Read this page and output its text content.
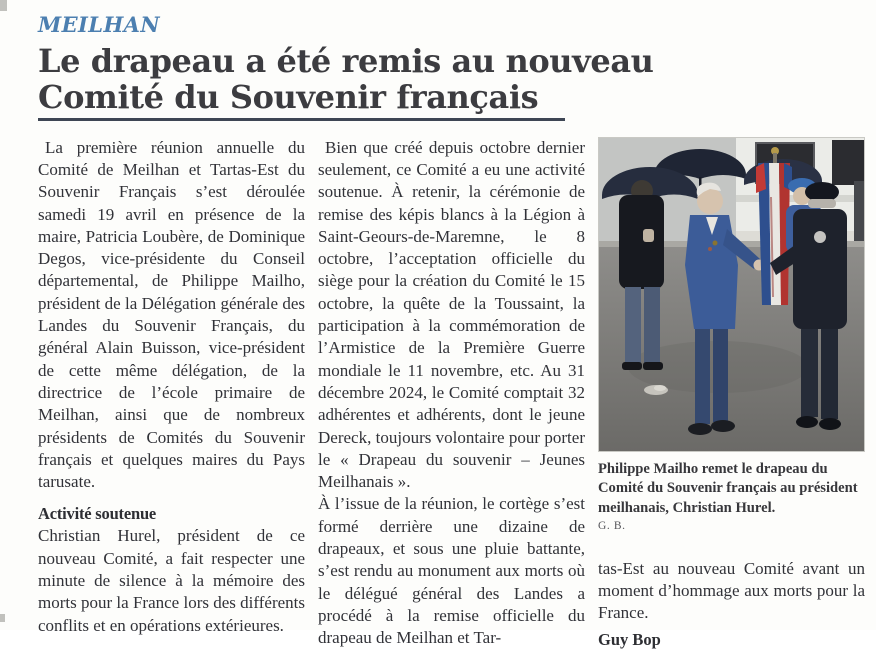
MEILHAN
Le drapeau a été remis au nouveau
Comité du Souvenir français

La première réunion annuelle du Comité de Meilhan et Tartas-Est du Souvenir Français s’est déroulée samedi 19 avril en présence de la maire, Patricia Loubère, de Dominique Degos, vice-présidente du Conseil départemental, de Philippe Mailho, président de la Délégation générale des Landes du Souvenir Français, du général Alain Buisson, vice-président de cette même délégation, de la directrice de l’école primaire de Meilhan, ainsi que de nombreux présidents de Comités du Souvenir français et quelques maires du Pays tarusate.

Activité soutenue

Christian Hurel, président de ce nouveau Comité, a fait respecter une minute de silence à la mémoire des morts pour la France lors des différents conflits et en opérations extérieures.

Bien que créé depuis octobre dernier seulement, ce Comité a eu une activité soutenue. À retenir, la cérémonie de remise des képis blancs à la Légion à Saint-Geours-de-Maremne, le 8 octobre, l’acceptation officielle du siège pour la création du Comité le 15 octobre, la quête de la Toussaint, la participation à la commémoration de l’Armistice de la Première Guerre mondiale le 11 novembre, etc. Au 31 décembre 2024, le Comité comptait 32 adhérentes et adhérents, dont le jeune Dereck, toujours volontaire pour porter le « Drapeau du souvenir – Jeunes Meilhanais ».

À l’issue de la réunion, le cortège s’est formé derrière une dizaine de drapeaux, et sous une pluie battante, s’est rendu au monument aux morts où le délégué général des Landes a procédé à la remise officielle du drapeau de Meilhan et Tar-

Philippe Mailho remet le drapeau du Comité du Souvenir français au président meilhanais, Christian Hurel.
G. B.

tas-Est au nouveau Comité avant un moment d’hommage aux morts pour la France.

Guy Bop
